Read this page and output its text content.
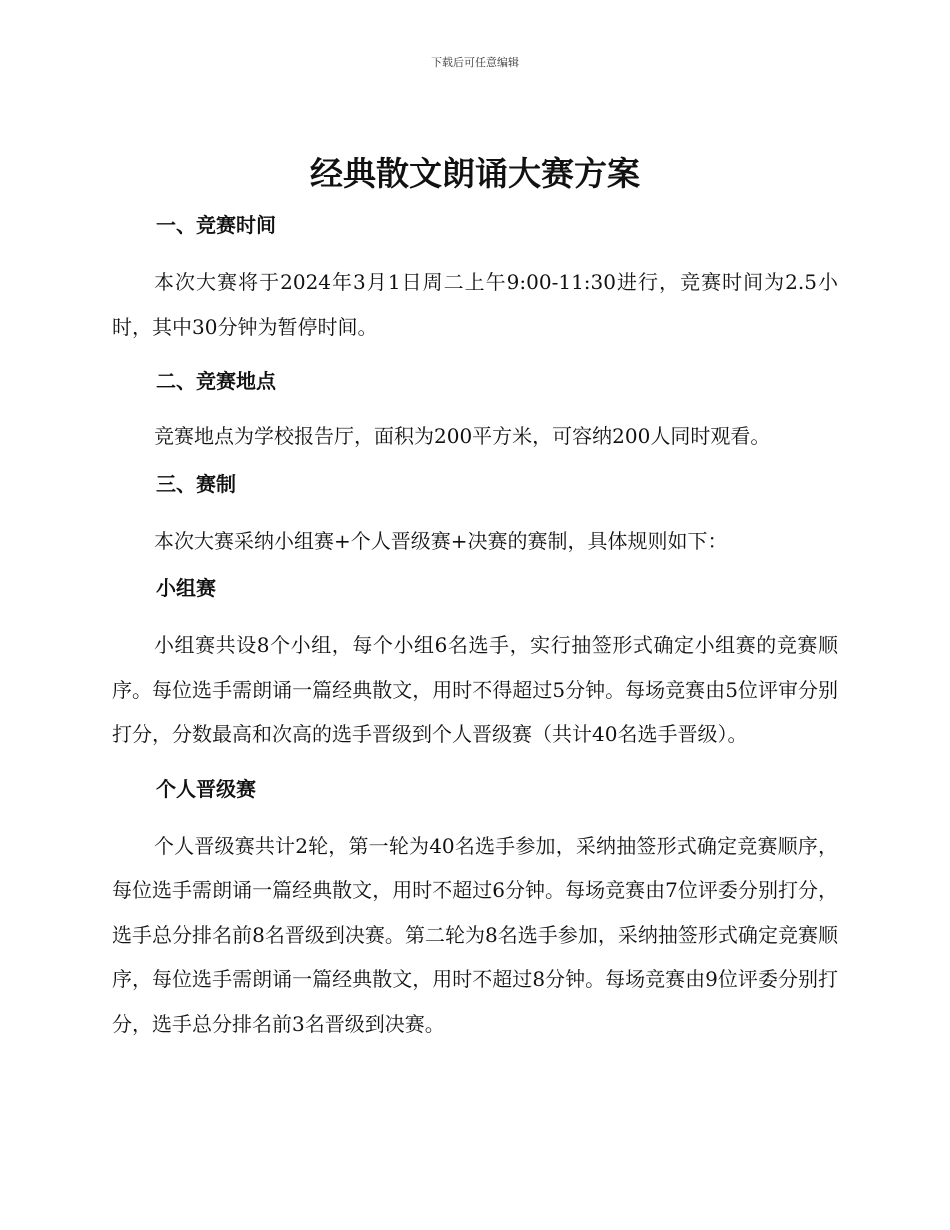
下载后可任意编辑
经典散文朗诵大赛方案

一、竞赛时间

本次大赛将于2024年3月1日周二上午9:00-11:30进行，竞赛时间为2.5小时，其中30分钟为暂停时间。

二、竞赛地点

竞赛地点为学校报告厅，面积为200平方米，可容纳200人同时观看。

三、赛制

本次大赛采纳小组赛+个人晋级赛+决赛的赛制，具体规则如下：

小组赛

小组赛共设8个小组，每个小组6名选手，实行抽签形式确定小组赛的竞赛顺序。每位选手需朗诵一篇经典散文，用时不得超过5分钟。每场竞赛由5位评审分别打分，分数最高和次高的选手晋级到个人晋级赛（共计40名选手晋级）。

个人晋级赛

个人晋级赛共计2轮，第一轮为40名选手参加，采纳抽签形式确定竞赛顺序，每位选手需朗诵一篇经典散文，用时不超过6分钟。每场竞赛由7位评委分别打分，选手总分排名前8名晋级到决赛。第二轮为8名选手参加，采纳抽签形式确定竞赛顺序，每位选手需朗诵一篇经典散文，用时不超过8分钟。每场竞赛由9位评委分别打分，选手总分排名前3名晋级到决赛。
